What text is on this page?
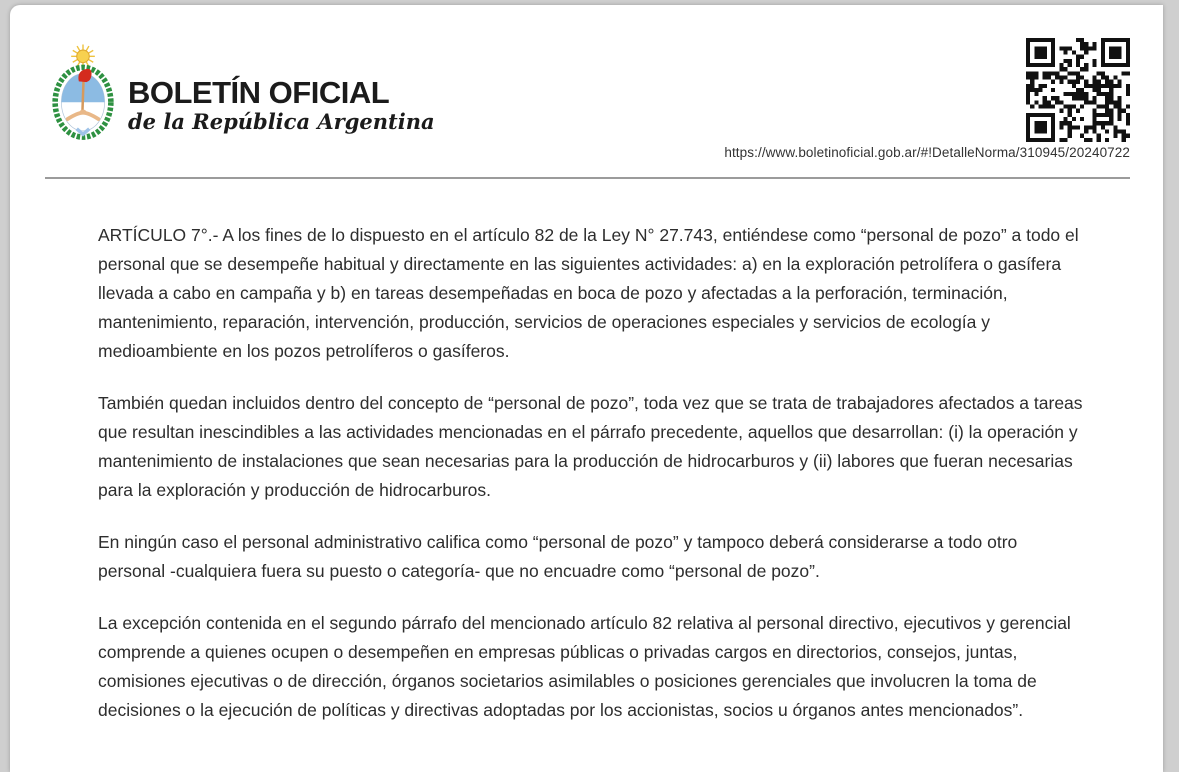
BOLETÍN OFICIAL
de la República Argentina
https://www.boletinoficial.gob.ar/#!DetalleNorma/310945/20240722

ARTÍCULO 7°.- A los fines de lo dispuesto en el artículo 82 de la Ley N° 27.743, entiéndese como “personal de pozo” a todo el personal que se desempeñe habitual y directamente en las siguientes actividades: a) en la exploración petrolífera o gasífera llevada a cabo en campaña y b) en tareas desempeñadas en boca de pozo y afectadas a la perforación, terminación, mantenimiento, reparación, intervención, producción, servicios de operaciones especiales y servicios de ecología y medioambiente en los pozos petrolíferos o gasíferos.

También quedan incluidos dentro del concepto de “personal de pozo”, toda vez que se trata de trabajadores afectados a tareas que resultan inescindibles a las actividades mencionadas en el párrafo precedente, aquellos que desarrollan: (i) la operación y mantenimiento de instalaciones que sean necesarias para la producción de hidrocarburos y (ii) labores que fueran necesarias para la exploración y producción de hidrocarburos.

En ningún caso el personal administrativo califica como “personal de pozo” y tampoco deberá considerarse a todo otro personal -cualquiera fuera su puesto o categoría- que no encuadre como “personal de pozo”.

La excepción contenida en el segundo párrafo del mencionado artículo 82 relativa al personal directivo, ejecutivos y gerencial comprende a quienes ocupen o desempeñen en empresas públicas o privadas cargos en directorios, consejos, juntas, comisiones ejecutivas o de dirección, órganos societarios asimilables o posiciones gerenciales que involucren la toma de decisiones o la ejecución de políticas y directivas adoptadas por los accionistas, socios u órganos antes mencionados”.
